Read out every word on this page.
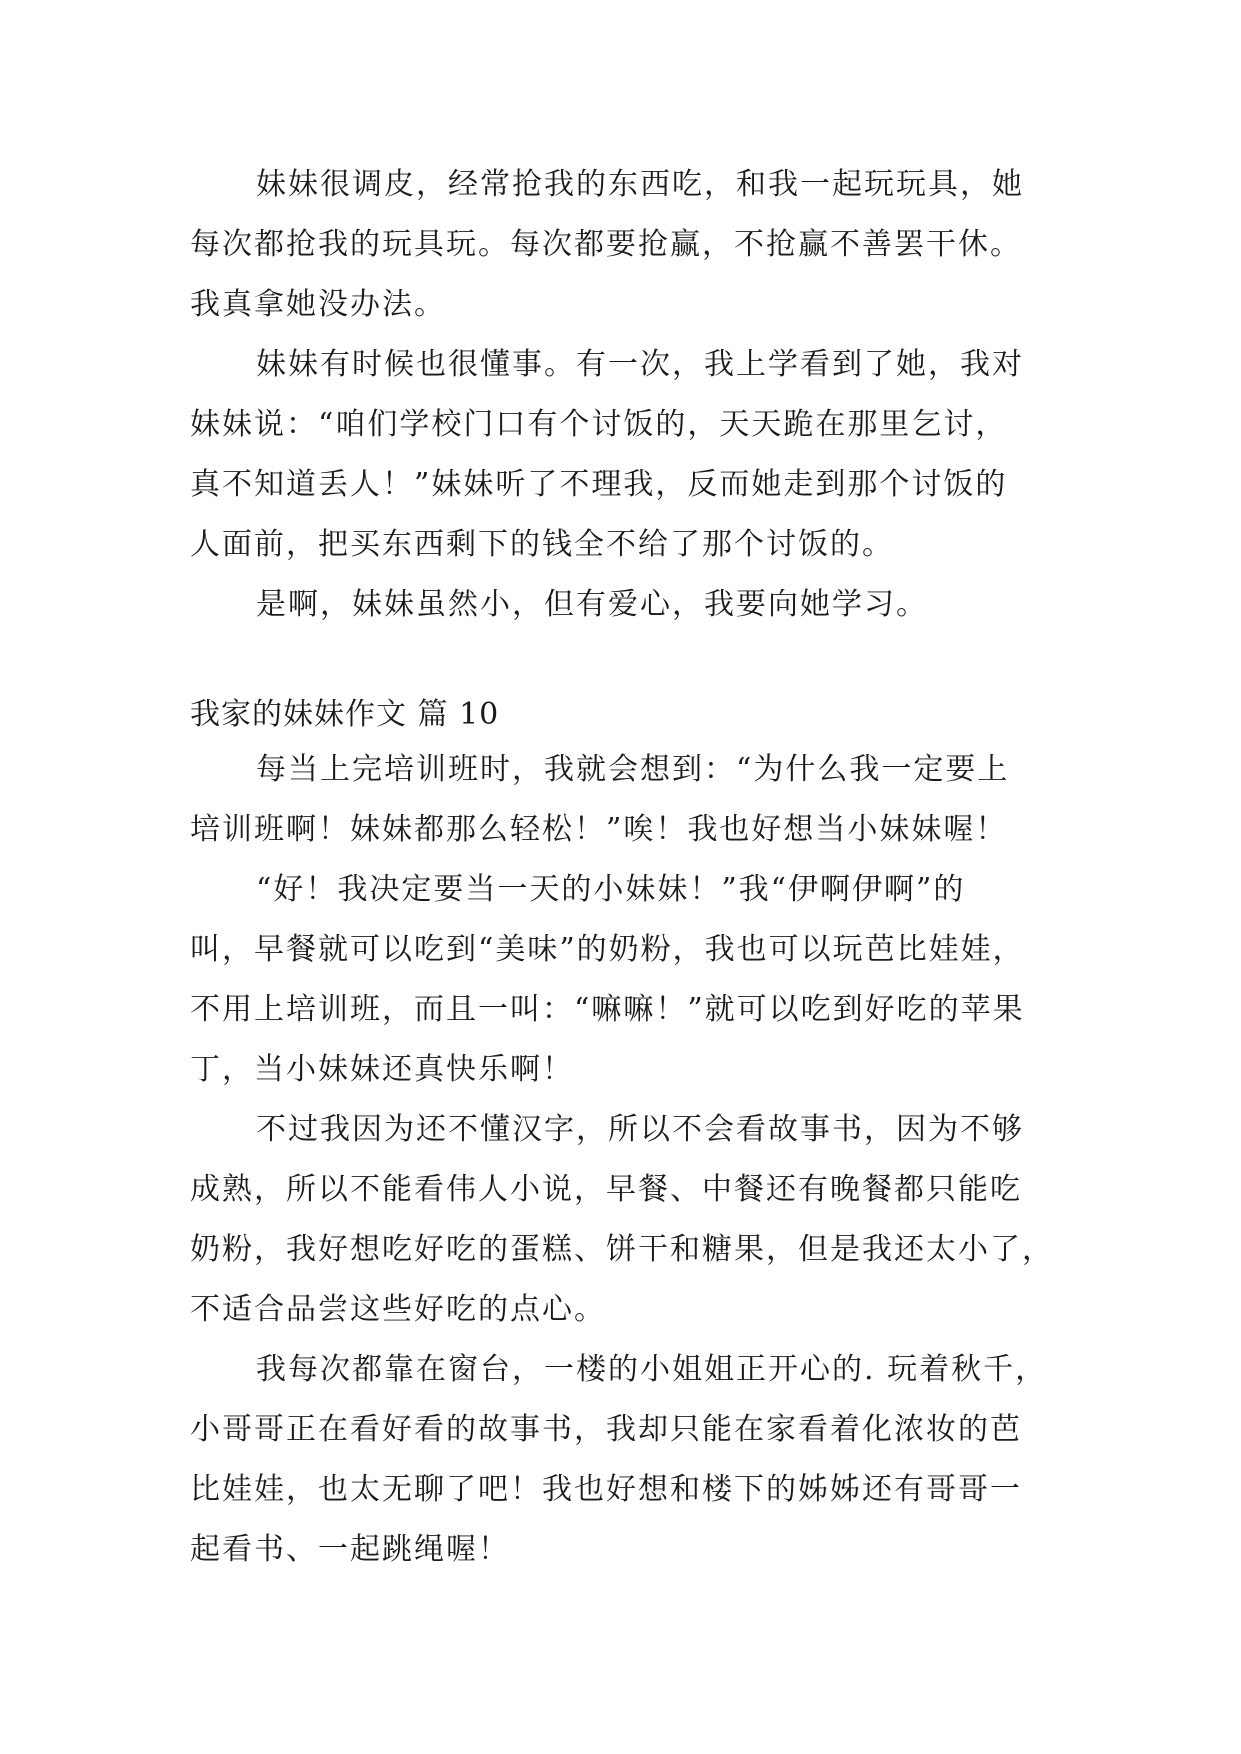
妹妹很调皮，经常抢我的东西吃，和我一起玩玩具，她
每次都抢我的玩具玩。每次都要抢赢，不抢赢不善罢干休。
我真拿她没办法。
妹妹有时候也很懂事。有一次，我上学看到了她，我对
妹妹说：“咱们学校门口有个讨饭的，天天跪在那里乞讨，
真不知道丢人！”妹妹听了不理我，反而她走到那个讨饭的
人面前，把买东西剩下的钱全不给了那个讨饭的。
是啊，妹妹虽然小，但有爱心，我要向她学习。
我家的妹妹作文 篇 10
每当上完培训班时，我就会想到：“为什么我一定要上
培训班啊！妹妹都那么轻松！”唉！我也好想当小妹妹喔！
“好！我决定要当一天的小妹妹！”我“伊啊伊啊”的
叫，早餐就可以吃到“美味”的奶粉，我也可以玩芭比娃娃，
不用上培训班，而且一叫：“嘛嘛！”就可以吃到好吃的苹果
丁，当小妹妹还真快乐啊！
不过我因为还不懂汉字，所以不会看故事书，因为不够
成熟，所以不能看伟人小说，早餐、中餐还有晚餐都只能吃
奶粉，我好想吃好吃的蛋糕、饼干和糖果，但是我还太小了，
不适合品尝这些好吃的点心。
我每次都靠在窗台，一楼的小姐姐正开心的. 玩着秋千，
小哥哥正在看好看的故事书，我却只能在家看着化浓妆的芭
比娃娃，也太无聊了吧！我也好想和楼下的姊姊还有哥哥一
起看书、一起跳绳喔！
